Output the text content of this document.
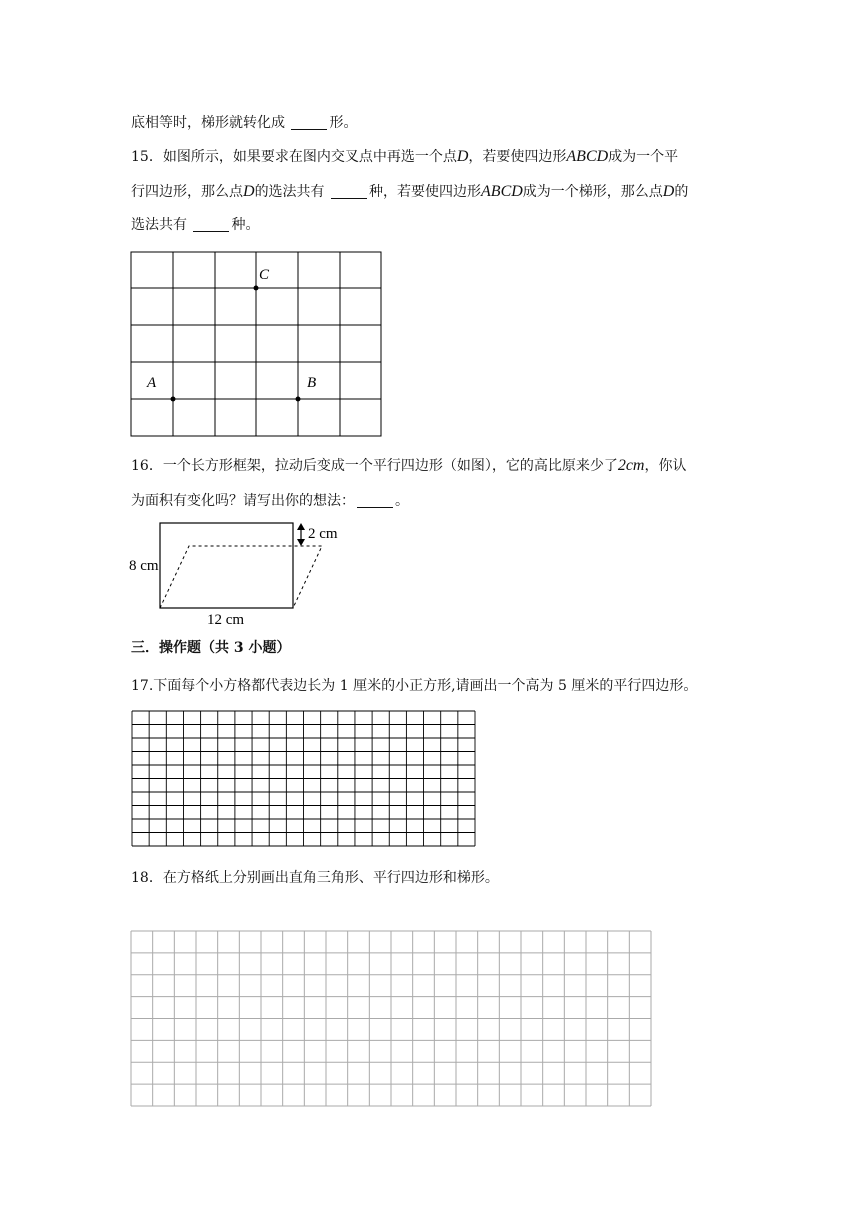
底相等时，梯形就转化成	形。
15．如图所示，如果要求在图内交叉点中再选一个点D，若要使四边形ABCD成为一个平
行四边形，那么点D的选法共有	种，若要使四边形ABCD成为一个梯形，那么点D的
选法共有	种。
C
A	B
2 cm
8 cm
12 cm
16．一个长方形框架，拉动后变成一个平行四边形（如图），它的高比原来少了2cm，你认
为面积有变化吗？请写出你的想法：	。
三．操作题（共 3 小题）
17.下面每个小方格都代表边长为 1 厘米的小正方形,请画出一个高为 5 厘米的平行四边形。
18．在方格纸上分别画出直角三角形、平行四边形和梯形。
